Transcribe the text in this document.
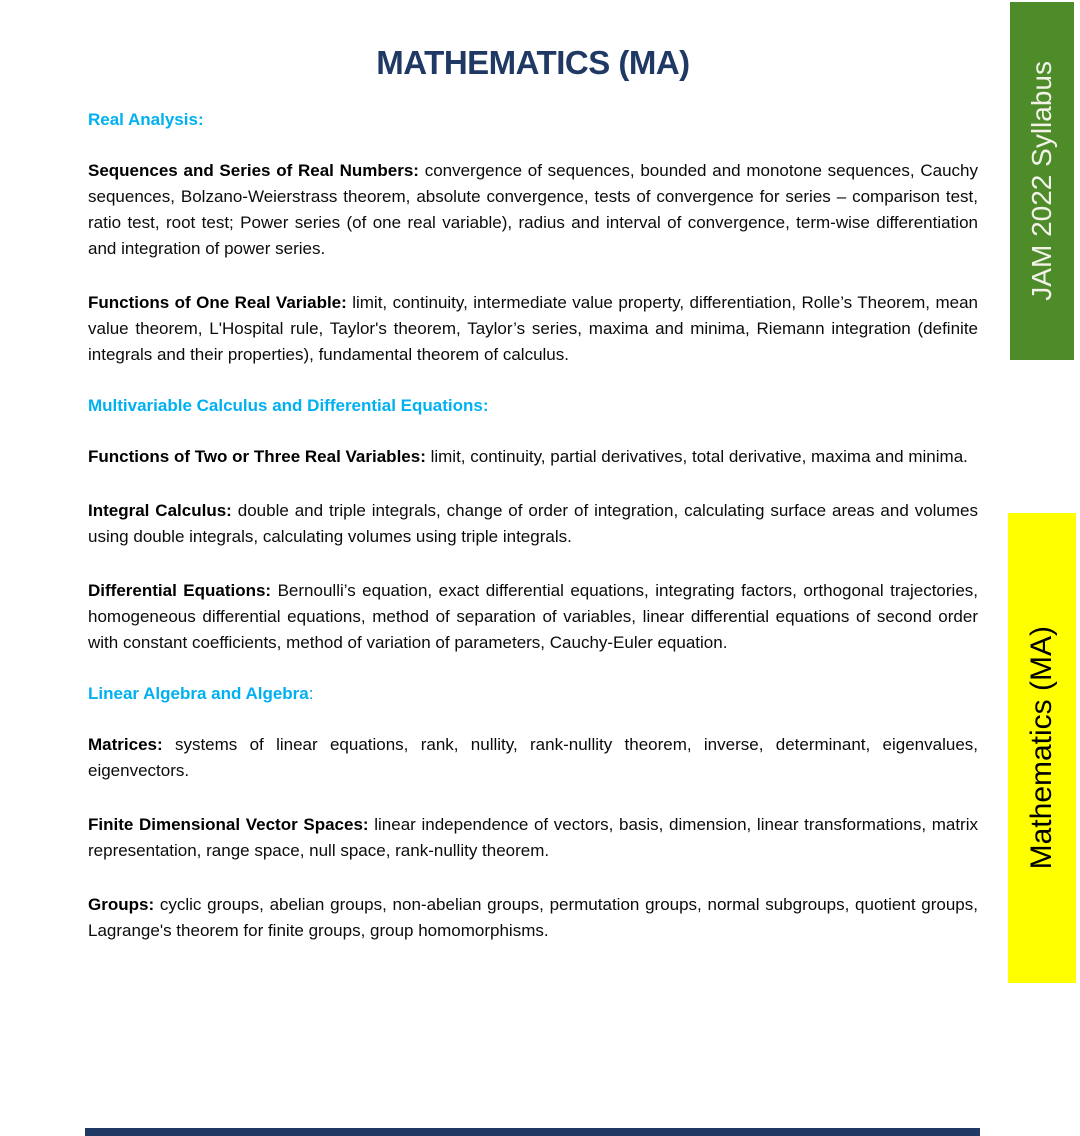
MATHEMATICS (MA)
Real Analysis:

Sequences and Series of Real Numbers: convergence of sequences, bounded and monotone sequences, Cauchy sequences, Bolzano-Weierstrass theorem, absolute convergence, tests of convergence for series – comparison test, ratio test, root test; Power series (of one real variable), radius and interval of convergence, term-wise differentiation and integration of power series.

Functions of One Real Variable: limit, continuity, intermediate value property, differentiation, Rolle’s Theorem, mean value theorem, L'Hospital rule, Taylor's theorem, Taylor’s series, maxima and minima, Riemann integration (definite integrals and their properties), fundamental theorem of calculus.

Multivariable Calculus and Differential Equations:

Functions of Two or Three Real Variables: limit, continuity, partial derivatives, total derivative, maxima and minima.

Integral Calculus: double and triple integrals, change of order of integration, calculating surface areas and volumes using double integrals, calculating volumes using triple integrals.

Differential Equations: Bernoulli’s equation, exact differential equations, integrating factors, orthogonal trajectories, homogeneous differential equations, method of separation of variables, linear differential equations of second order with constant coefficients, method of variation of parameters, Cauchy-Euler equation.

Linear Algebra and Algebra:

Matrices: systems of linear equations, rank, nullity, rank-nullity theorem, inverse, determinant, eigenvalues, eigenvectors.

Finite Dimensional Vector Spaces: linear independence of vectors, basis, dimension, linear transformations, matrix representation, range space, null space, rank-nullity theorem.

Groups: cyclic groups, abelian groups, non-abelian groups, permutation groups, normal subgroups, quotient groups, Lagrange's theorem for finite groups, group homomorphisms.

JAM 2022 Syllabus
Mathematics (MA)
